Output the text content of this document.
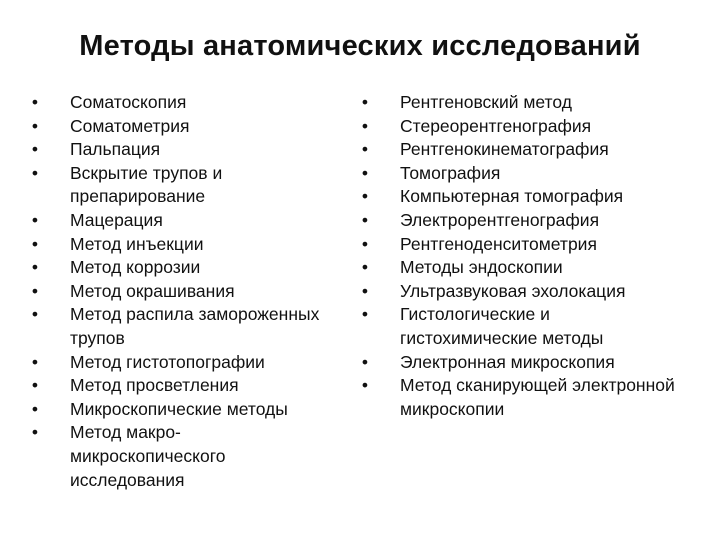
Методы анатомических исследований
• Соматоскопия
• Соматометрия
• Пальпация
• Вскрытие трупов и препарирование
• Мацерация
• Метод инъекции
• Метод коррозии
• Метод окрашивания
• Метод распила замороженных трупов
• Метод гистотопографии
• Метод просветления
• Микроскопические методы
• Метод макро-микроскопического исследования
• Рентгеновский метод
• Стереорентгенография
• Рентгенокинематография
• Томография
• Компьютерная томография
• Электрорентгенография
• Рентгеноденситометрия
• Методы эндоскопии
• Ультразвуковая эхолокация
• Гистологические и гистохимические методы
• Электронная микроскопия
• Метод сканирующей электронной микроскопии
